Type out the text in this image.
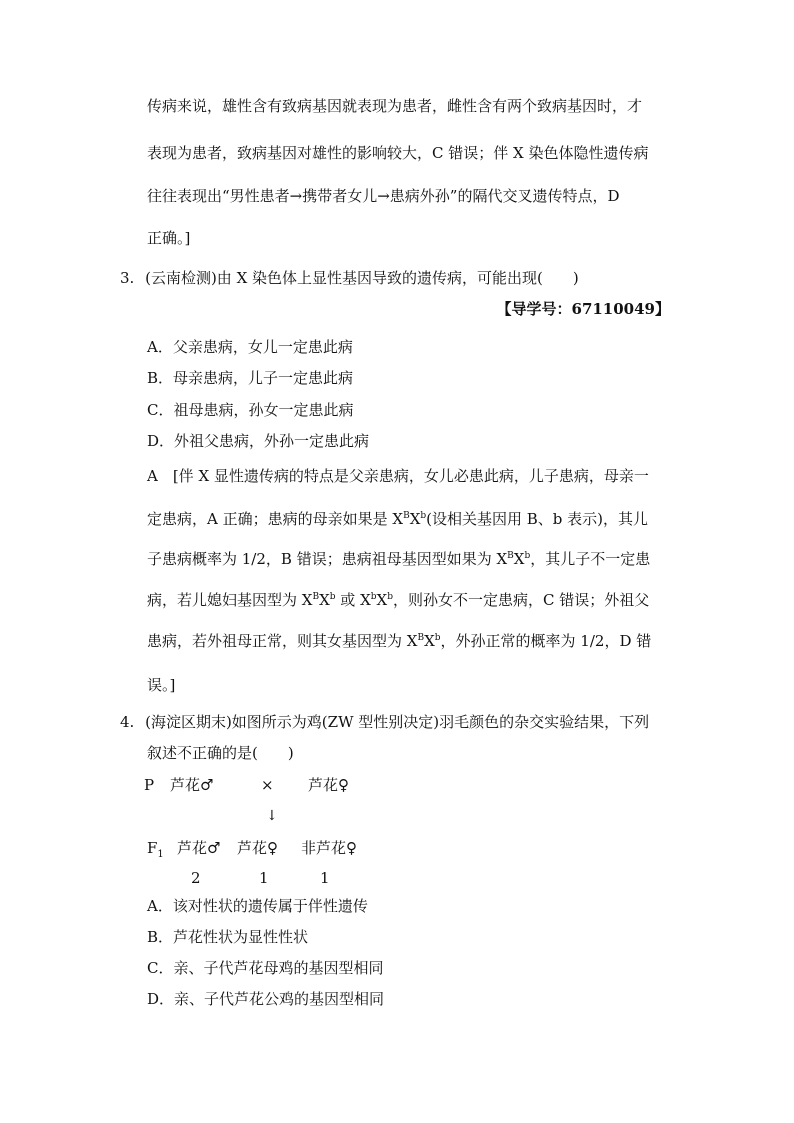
传病来说，雄性含有致病基因就表现为患者，雌性含有两个致病基因时，才
表现为患者，致病基因对雄性的影响较大，C 错误；伴 X 染色体隐性遗传病
往往表现出“男性患者→携带者女儿→患病外孙”的隔代交叉遗传特点，D
正确。]
3. (云南检测)由 X 染色体上显性基因导致的遗传病，可能出现(　　)
【导学号：67110049】
A．父亲患病，女儿一定患此病
B．母亲患病，儿子一定患此病
C．祖母患病，孙女一定患此病
D．外祖父患病，外孙一定患此病
A　[伴 X 显性遗传病的特点是父亲患病，女儿必患此病，儿子患病，母亲一
定患病，A 正确；患病的母亲如果是 $X^BX^b$(设相关基因用 B、b 表示)，其儿
子患病概率为 1/2，B 错误；患病祖母基因型如果为 $X^BX^b$，其儿子不一定患
病，若儿媳妇基因型为 $X^BX^b$ 或 $X^bX^b$，则孙女不一定患病，C 错误；外祖父
患病，若外祖母正常，则其女基因型为 $X^BX^b$，外孙正常的概率为 1/2，D 错
误。]
4. (海淀区期末)如图所示为鸡(ZW 型性别决定)羽毛颜色的杂交实验结果，下列
叙述不正确的是(　　)
P 芦花♂	× 芦花♀
↓
$F_1$ 芦花♂ 芦花♀ 非芦花♀
2	1	1
A．该对性状的遗传属于伴性遗传
B．芦花性状为显性性状
C．亲、子代芦花母鸡的基因型相同
D．亲、子代芦花公鸡的基因型相同
